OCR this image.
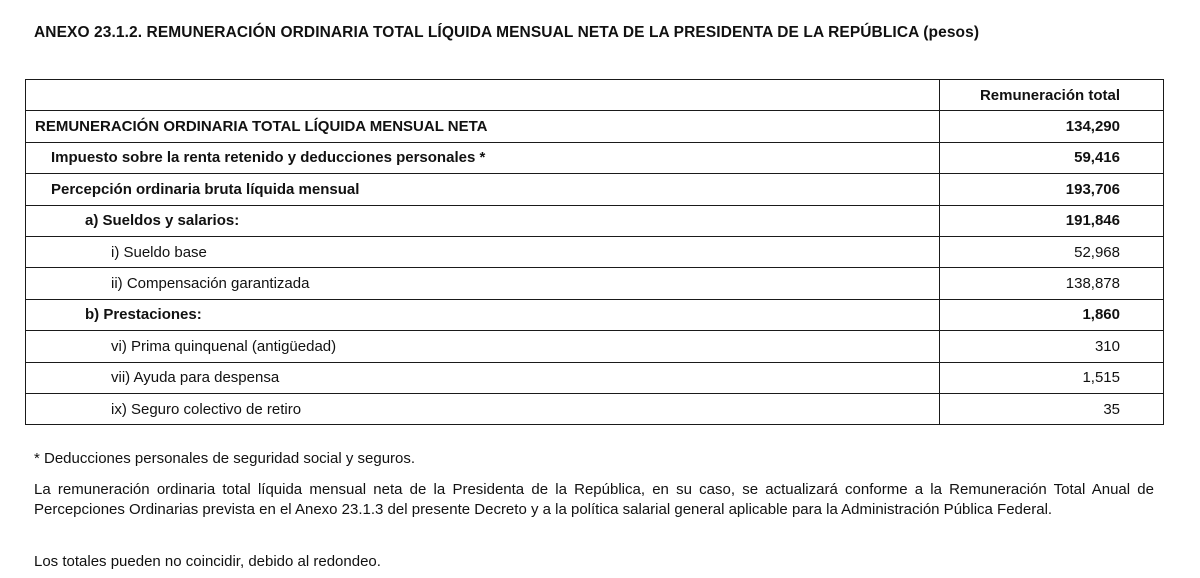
ANEXO 23.1.2. REMUNERACIÓN ORDINARIA TOTAL LÍQUIDA MENSUAL NETA DE LA PRESIDENTA DE LA REPÚBLICA (pesos)
	Remuneración total
REMUNERACIÓN ORDINARIA TOTAL LÍQUIDA MENSUAL NETA	134,290
Impuesto sobre la renta retenido y deducciones personales *	59,416
Percepción ordinaria bruta líquida mensual	193,706
a) Sueldos y salarios:	191,846
i) Sueldo base	52,968
ii) Compensación garantizada	138,878
b) Prestaciones:	1,860
vi) Prima quinquenal (antigüedad)	310
vii) Ayuda para despensa	1,515
ix) Seguro colectivo de retiro	35
* Deducciones personales de seguridad social y seguros.
La remuneración ordinaria total líquida mensual neta de la Presidenta de la República, en su caso, se actualizará conforme a la Remuneración Total Anual de Percepciones Ordinarias prevista en el Anexo 23.1.3 del presente Decreto y a la política salarial general aplicable para la Administración Pública Federal.
Los totales pueden no coincidir, debido al redondeo.
